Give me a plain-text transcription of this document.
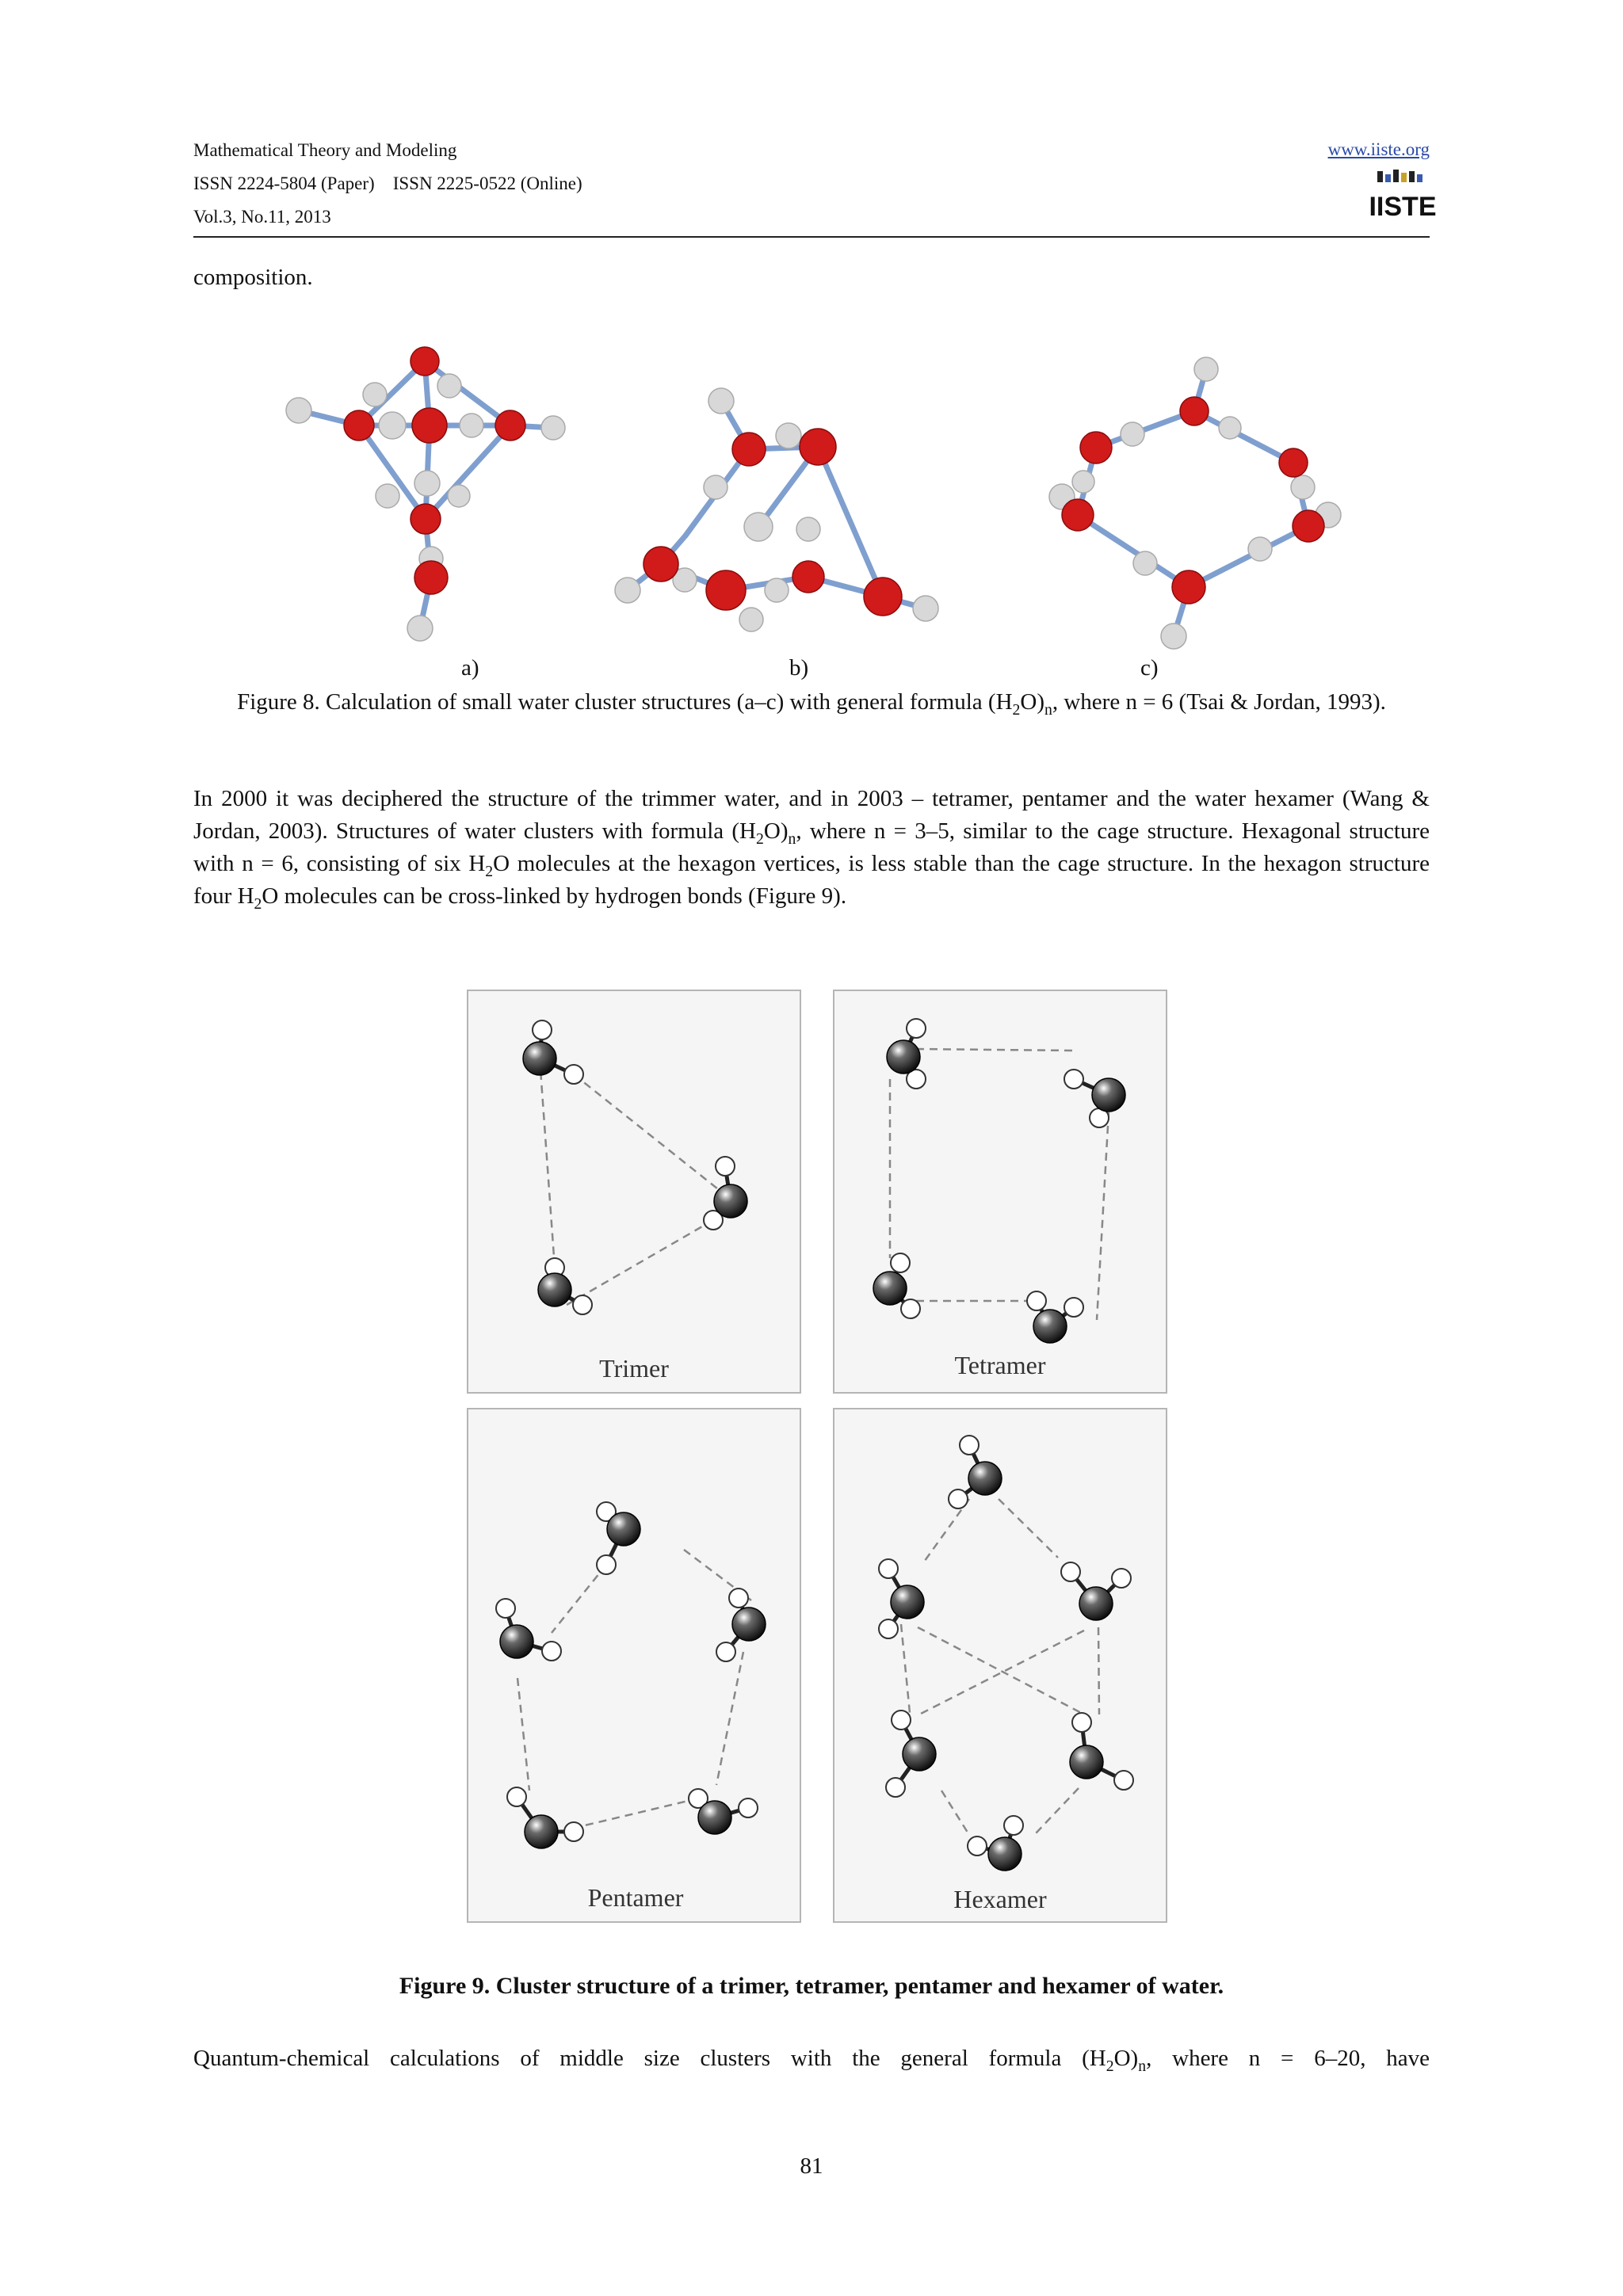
Mathematical Theory and Modeling
ISSN 2224-5804 (Paper)    ISSN 2225-0522 (Online)
Vol.3, No.11, 2013
www.iiste.org
IISTE
composition.
a)	b)	c)
Figure 8. Calculation of small water cluster structures (a–c) with general formula $(H_2O)_n$, where n = 6 (Tsai & Jordan, 1993).
In 2000 it was deciphered the structure of the trimmer water, and in 2003 – tetramer, pentamer and the water hexamer (Wang & Jordan, 2003). Structures of water clusters with formula $(H_2O)_n$, where n = 3–5, similar to the cage structure. Hexagonal structure with n = 6, consisting of six $H_2O$ molecules at the hexagon vertices, is less stable than the cage structure. In the hexagon structure four $H_2O$ molecules can be cross-linked by hydrogen bonds (Figure 9).
Trimer	Tetramer
Pentamer	Hexamer
Figure 9. Cluster structure of a trimer, tetramer, pentamer and hexamer of water.
Quantum-chemical calculations of middle size clusters with the general formula $(H_2O)_n$, where n = 6–20, have
81
